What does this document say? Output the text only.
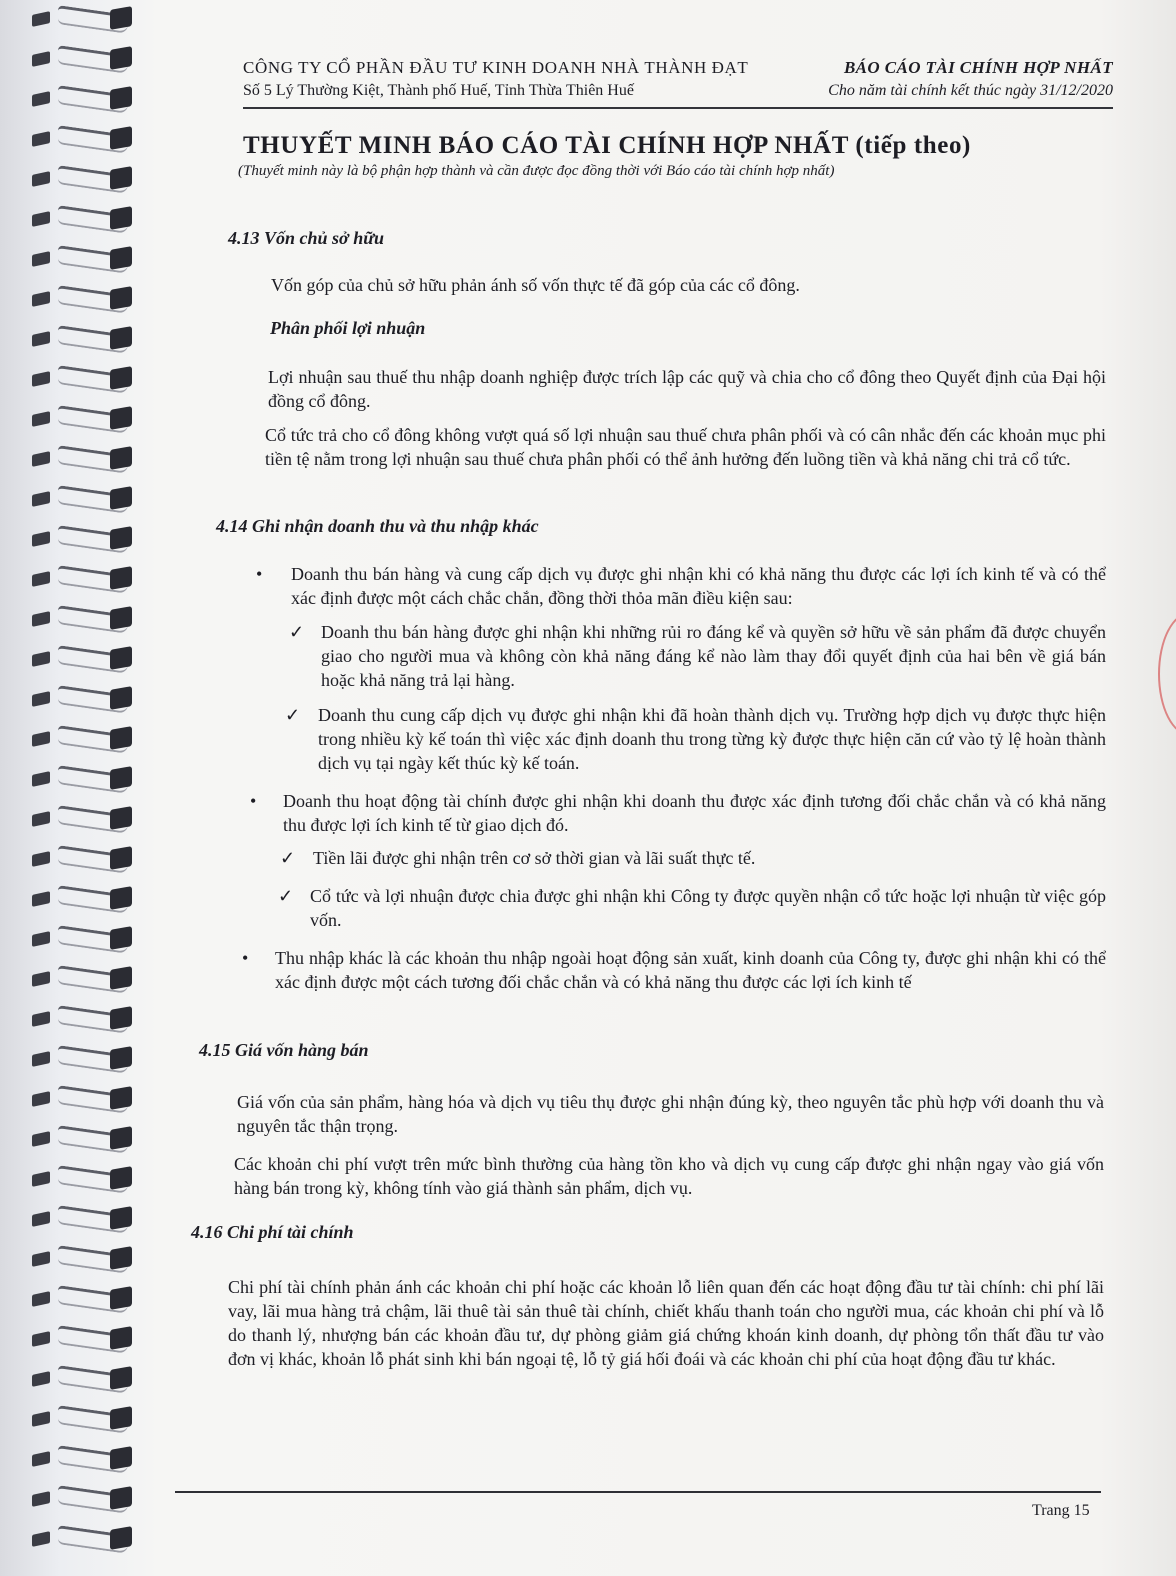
CÔNG TY CỔ PHẦN ĐẦU TƯ KINH DOANH NHÀ THÀNH ĐẠT	BÁO CÁO TÀI CHÍNH HỢP NHẤT
Số 5 Lý Thường Kiệt, Thành phố Huế, Tỉnh Thừa Thiên Huế	Cho năm tài chính kết thúc ngày 31/12/2020
THUYẾT MINH BÁO CÁO TÀI CHÍNH HỢP NHẤT (tiếp theo)
(Thuyết minh này là bộ phận hợp thành và cần được đọc đồng thời với Báo cáo tài chính hợp nhất)
4.13 Vốn chủ sở hữu
Vốn góp của chủ sở hữu phản ánh số vốn thực tế đã góp của các cổ đông.
Phân phối lợi nhuận
Lợi nhuận sau thuế thu nhập doanh nghiệp được trích lập các quỹ và chia cho cổ đông theo Quyết định của Đại hội đồng cổ đông.
Cổ tức trả cho cổ đông không vượt quá số lợi nhuận sau thuế chưa phân phối và có cân nhắc đến các khoản mục phi tiền tệ nằm trong lợi nhuận sau thuế chưa phân phối có thể ảnh hưởng đến luồng tiền và khả năng chi trả cổ tức.
4.14 Ghi nhận doanh thu và thu nhập khác
• Doanh thu bán hàng và cung cấp dịch vụ được ghi nhận khi có khả năng thu được các lợi ích kinh tế và có thể xác định được một cách chắc chắn, đồng thời thỏa mãn điều kiện sau:
✓ Doanh thu bán hàng được ghi nhận khi những rủi ro đáng kể và quyền sở hữu về sản phẩm đã được chuyển giao cho người mua và không còn khả năng đáng kể nào làm thay đổi quyết định của hai bên về giá bán hoặc khả năng trả lại hàng.
✓ Doanh thu cung cấp dịch vụ được ghi nhận khi đã hoàn thành dịch vụ. Trường hợp dịch vụ được thực hiện trong nhiều kỳ kế toán thì việc xác định doanh thu trong từng kỳ được thực hiện căn cứ vào tỷ lệ hoàn thành dịch vụ tại ngày kết thúc kỳ kế toán.
• Doanh thu hoạt động tài chính được ghi nhận khi doanh thu được xác định tương đối chắc chắn và có khả năng thu được lợi ích kinh tế từ giao dịch đó.
✓ Tiền lãi được ghi nhận trên cơ sở thời gian và lãi suất thực tế.
✓ Cổ tức và lợi nhuận được chia được ghi nhận khi Công ty được quyền nhận cổ tức hoặc lợi nhuận từ việc góp vốn.
• Thu nhập khác là các khoản thu nhập ngoài hoạt động sản xuất, kinh doanh của Công ty, được ghi nhận khi có thể xác định được một cách tương đối chắc chắn và có khả năng thu được các lợi ích kinh tế
4.15 Giá vốn hàng bán
Giá vốn của sản phẩm, hàng hóa và dịch vụ tiêu thụ được ghi nhận đúng kỳ, theo nguyên tắc phù hợp với doanh thu và nguyên tắc thận trọng.
Các khoản chi phí vượt trên mức bình thường của hàng tồn kho và dịch vụ cung cấp được ghi nhận ngay vào giá vốn hàng bán trong kỳ, không tính vào giá thành sản phẩm, dịch vụ.
4.16 Chi phí tài chính
Chi phí tài chính phản ánh các khoản chi phí hoặc các khoản lỗ liên quan đến các hoạt động đầu tư tài chính: chi phí lãi vay, lãi mua hàng trả chậm, lãi thuê tài sản thuê tài chính, chiết khấu thanh toán cho người mua, các khoản chi phí và lỗ do thanh lý, nhượng bán các khoản đầu tư, dự phòng giảm giá chứng khoán kinh doanh, dự phòng tổn thất đầu tư vào đơn vị khác, khoản lỗ phát sinh khi bán ngoại tệ, lỗ tỷ giá hối đoái và các khoản chi phí của hoạt động đầu tư khác.
Trang 15
